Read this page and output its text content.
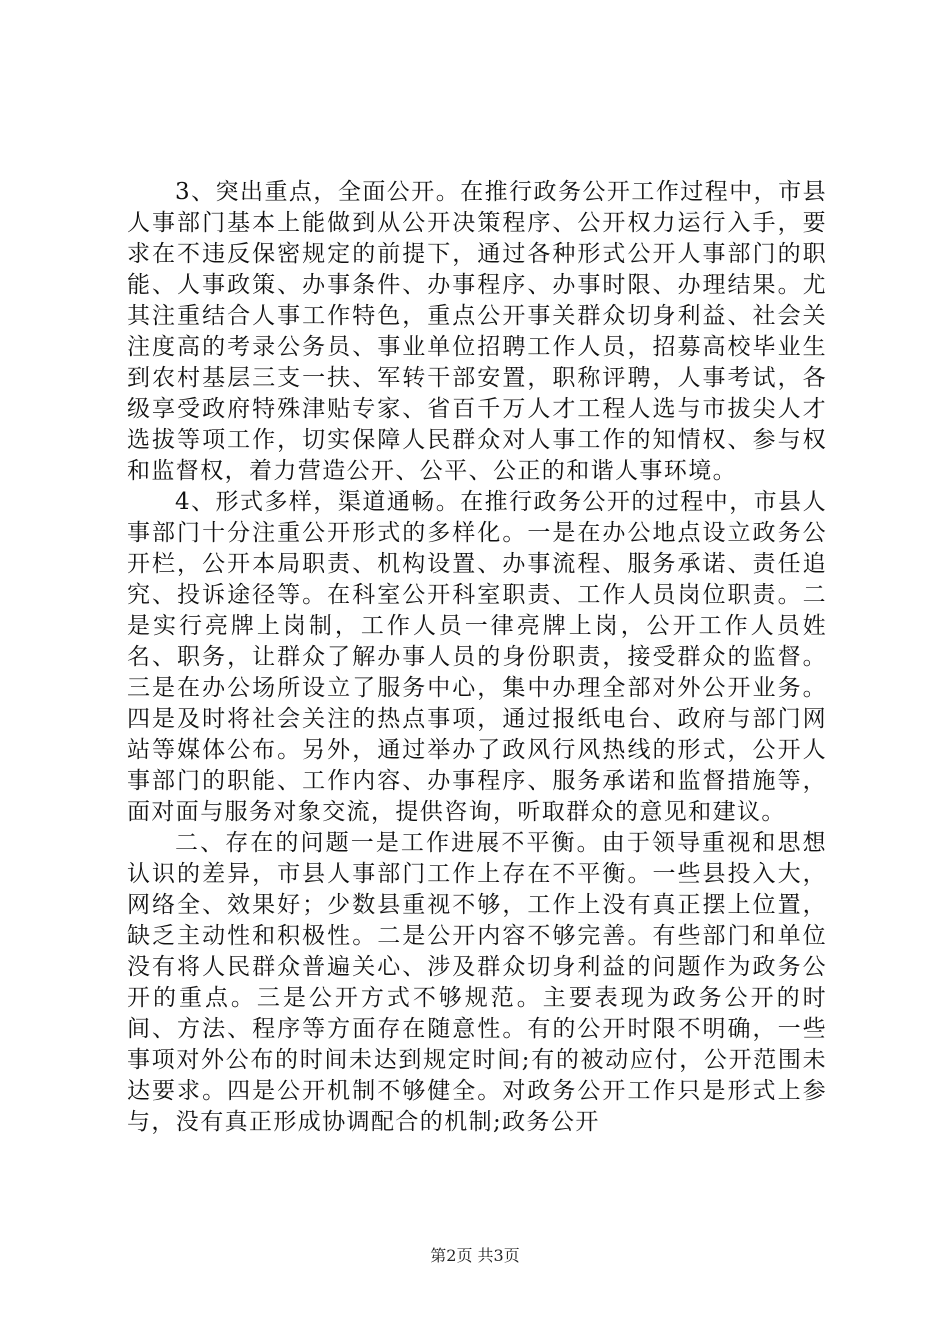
3、突出重点，全面公开。在推行政务公开工作过程中，市县人事部门基本上能做到从公开决策程序、公开权力运行入手，要求在不违反保密规定的前提下，通过各种形式公开人事部门的职能、人事政策、办事条件、办事程序、办事时限、办理结果。尤其注重结合人事工作特色，重点公开事关群众切身利益、社会关注度高的考录公务员、事业单位招聘工作人员，招募高校毕业生到农村基层三支一扶、军转干部安置，职称评聘，人事考试，各级享受政府特殊津贴专家、省百千万人才工程人选与市拔尖人才选拔等项工作，切实保障人民群众对人事工作的知情权、参与权和监督权，着力营造公开、公平、公正的和谐人事环境。

4、形式多样，渠道通畅。在推行政务公开的过程中，市县人事部门十分注重公开形式的多样化。一是在办公地点设立政务公开栏，公开本局职责、机构设置、办事流程、服务承诺、责任追究、投诉途径等。在科室公开科室职责、工作人员岗位职责。二是实行亮牌上岗制，工作人员一律亮牌上岗，公开工作人员姓名、职务，让群众了解办事人员的身份职责，接受群众的监督。三是在办公场所设立了服务中心，集中办理全部对外公开业务。四是及时将社会关注的热点事项，通过报纸电台、政府与部门网站等媒体公布。另外，通过举办了政风行风热线的形式，公开人事部门的职能、工作内容、办事程序、服务承诺和监督措施等，面对面与服务对象交流，提供咨询，听取群众的意见和建议。

二、存在的问题一是工作进展不平衡。由于领导重视和思想认识的差异，市县人事部门工作上存在不平衡。一些县投入大，网络全、效果好；少数县重视不够，工作上没有真正摆上位置，缺乏主动性和积极性。二是公开内容不够完善。有些部门和单位没有将人民群众普遍关心、涉及群众切身利益的问题作为政务公开的重点。三是公开方式不够规范。主要表现为政务公开的时间、方法、程序等方面存在随意性。有的公开时限不明确，一些事项对外公布的时间未达到规定时间;有的被动应付，公开范围未达要求。四是公开机制不够健全。对政务公开工作只是形式上参与，没有真正形成协调配合的机制;政务公开

第2页 共3页
